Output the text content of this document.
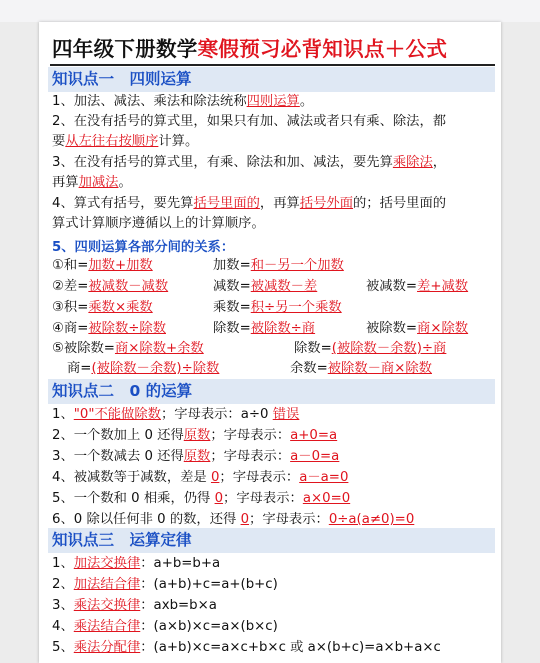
四年级下册数学寒假预习必背知识点＋公式
知识点一　四则运算
1、加法、减法、乘法和除法统称四则运算。
2、在没有括号的算式里，如果只有加、减法或者只有乘、除法，都
要从左往右按顺序计算。
3、在没有括号的算式里，有乘、除法和加、减法，要先算乘除法，
再算加减法。
4、算式有括号，要先算括号里面的，再算括号外面的；括号里面的
算式计算顺序遵循以上的计算顺序。
5、四则运算各部分间的关系：
①和=加数+加数	加数=和－另一个加数
②差=被减数－减数	减数=被减数－差	被减数=差+减数
③积=乘数×乘数	乘数=积÷另一个乘数
④商=被除数÷除数	除数=被除数÷商	被除数=商×除数
⑤被除数=商×除数+余数	除数=(被除数－余数)÷商
商=(被除数－余数)÷除数	余数=被除数－商×除数
知识点二　0 的运算
1、"0"不能做除数；字母表示：a÷0 错误
2、一个数加上 0 还得原数；字母表示：a+0=a
3、一个数减去 0 还得原数；字母表示：a－0=a
4、被减数等于减数，差是 0；字母表示：a－a=0
5、一个数和 0 相乘，仍得 0；字母表示：a×0=0
6、0 除以任何非 0 的数，还得 0；字母表示：0÷a(a≠0)=0
知识点三　运算定律
1、加法交换律：a+b=b+a
2、加法结合律：(a+b)+c=a+(b+c)
3、乘法交换律：axb=b×a
4、乘法结合律：(a×b)×c=a×(b×c)
5、乘法分配律：(a+b)×c=a×c+b×c 或 a×(b+c)=a×b+a×c
